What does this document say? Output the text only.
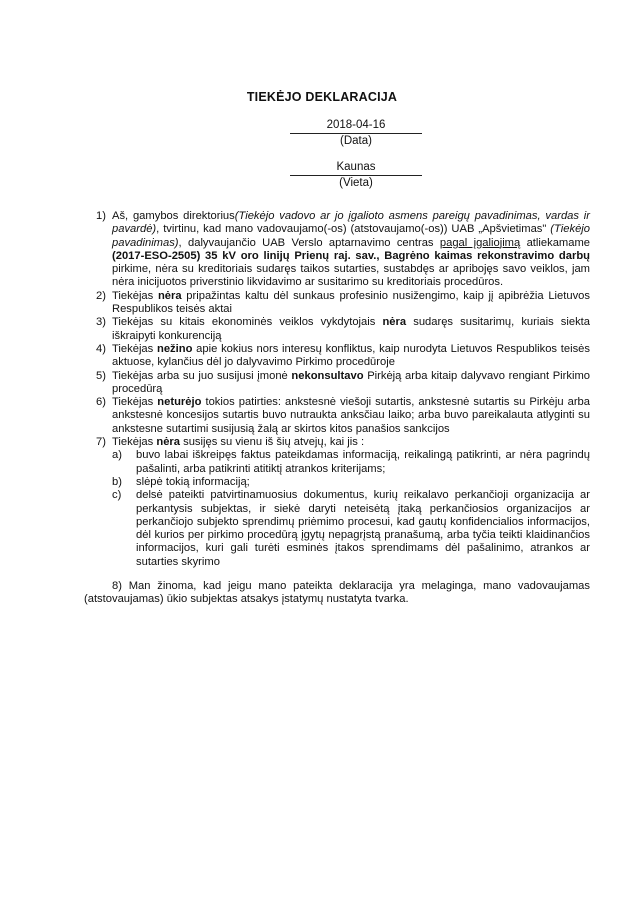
TIEKĖJO DEKLARACIJA
2018-04-16
(Data)
Kaunas
(Vieta)
1) Aš, gamybos direktorius(Tiekėjo vadovo ar jo įgalioto asmens pareigų pavadinimas, vardas ir pavardė), tvirtinu, kad mano vadovaujamo(-os) (atstovaujamo(-os)) UAB „Apšvietimas" (Tiekėjo pavadinimas), dalyvaujančio UAB Verslo aptarnavimo centras pagal įgaliojimą atliekamame (2017-ESO-2505) 35 kV oro linijų Prienų raj. sav., Bagrėno kaimas rekonstravimo darbų pirkime, nėra su kreditoriais sudaręs taikos sutarties, sustabdęs ar apribojęs savo veiklos, jam nėra inicijuotos priverstinio likvidavimo ar susitarimo su kreditoriais procedūros.
2) Tiekėjas nėra pripažintas kaltu dėl sunkaus profesinio nusižengimo, kaip jį apibrėžia Lietuvos Respublikos teisės aktai
3) Tiekėjas su kitais ekonominės veiklos vykdytojais nėra sudaręs susitarimų, kuriais siekta iškraipyti konkurenciją
4) Tiekėjas nežino apie kokius nors interesų konfliktus, kaip nurodyta Lietuvos Respublikos teisės aktuose, kylančius dėl jo dalyvavimo Pirkimo procedūroje
5) Tiekėjas arba su juo susijusi įmonė nekonsultavo Pirkėją arba kitaip dalyvavo rengiant Pirkimo procedūrą
6) Tiekėjas neturėjo tokios patirties: ankstesnė viešoji sutartis, ankstesnė sutartis su Pirkėju arba ankstesnė koncesijos sutartis buvo nutraukta anksčiau laiko; arba buvo pareikalauta atlyginti su ankstesne sutartimi susijusią žalą ar skirtos kitos panašios sankcijos
7) Tiekėjas nėra susijęs su vienu iš šių atvejų, kai jis :
a) buvo labai iškreipęs faktus pateikdamas informaciją, reikalingą patikrinti, ar nėra pagrindų pašalinti, arba patikrinti atitiktį atrankos kriterijams;
b) slėpė tokią informaciją;
c) delsė pateikti patvirtinamuosius dokumentus, kurių reikalavo perkančioji organizacija ar perkantysis subjektas, ir siekė daryti neteisėtą įtaką perkančiosios organizacijos ar perkančiojo subjekto sprendimų priėmimo procesui, kad gautų konfidencialios informacijos, dėl kurios per pirkimo procedūrą įgytų nepagrįstą pranašumą, arba tyčia teikti klaidinančios informacijos, kuri gali turėti esminės įtakos sprendimams dėl pašalinimo, atrankos ar sutarties skyrimo
8) Man žinoma, kad jeigu mano pateikta deklaracija yra melaginga, mano vadovaujamas (atstovaujamas) ūkio subjektas atsakys įstatymų nustatyta tvarka.
